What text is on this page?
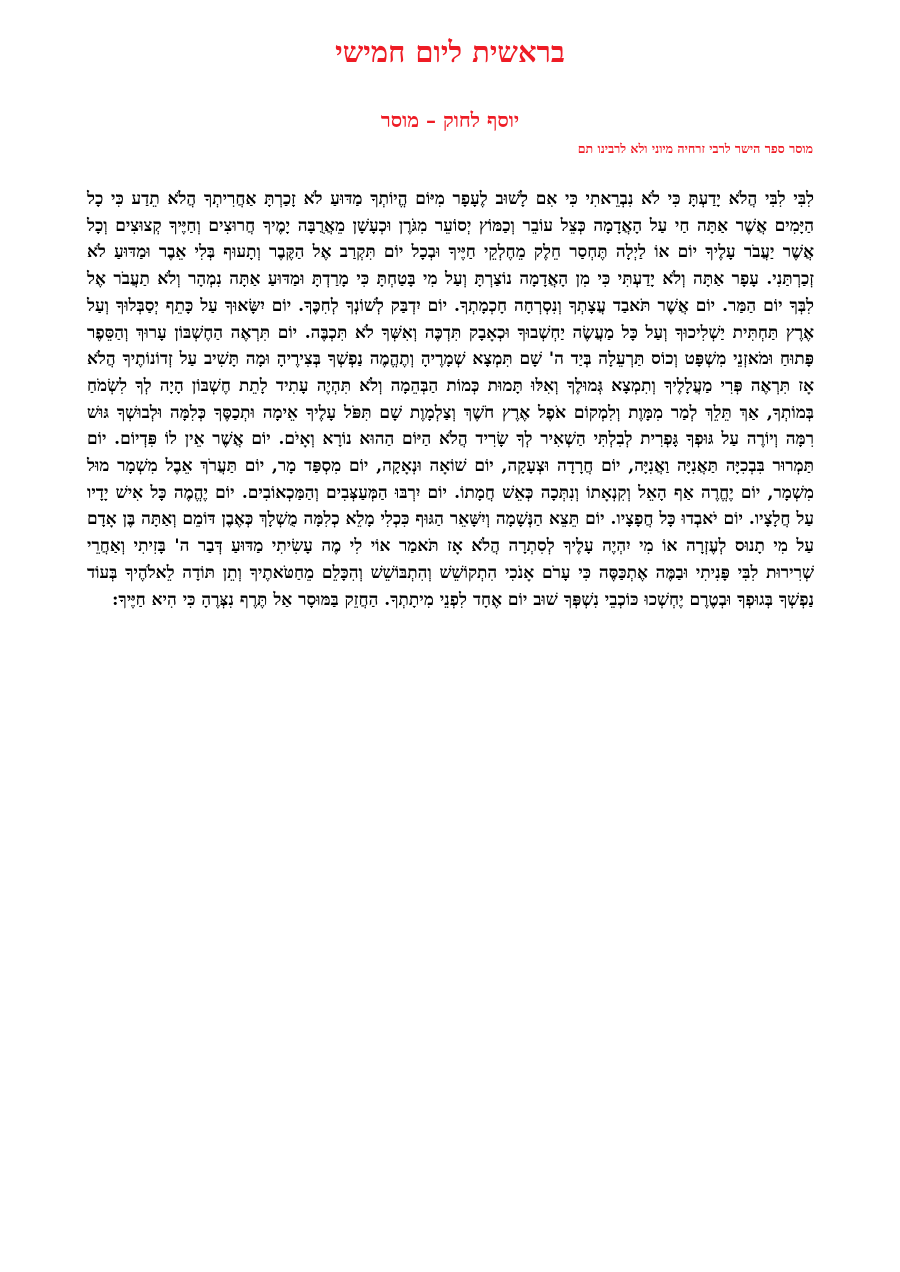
בראשית ליום חמישי
יוסף לחוק – מוסר

מוסר ספר הישר לרבי זרחיה מיוני ולא לרבינו תם

לִבִּי לִבִּי הֲלֹא יָדַעְתָּ כִּי לֹא נִבְרֵאתִי כִּי אִם לָשׁוּב לֶעָפָר מִיּוֹם הֱיוֹתְךָ מַדּוּעַ לֹא זָכַרְתָּ אַחֲרִיתְךָ הֲלֹא תֵדַע כִּי כָל הַיָּמִים אֲשֶׁר אַתָּה חַי עַל הָאֲדָמָה כְּצֵל עוֹבֵר וְכַמּוֹץ יְסוֹעֵר מִגֹּרֶן וּכְעָשָׁן מֵאֲרֻבָּה יָמֶיךָ חֲרוּצִים וְחַיֶּיךָ קְצוּצִים וְכָל אֲשֶׁר יַעֲבֹר עָלֶיךָ יוֹם אוֹ לַיְלָה תֶּחְסַר חֵלֶק מֵחֶלְקֵי חַיֶּיךָ וּבְכָל יוֹם תִּקְרַב אֶל הַקֶּבֶר וְתָעוּף בְּלִי אֵבֶר וּמַדּוּעַ לֹא זְכַרְתַּנִי. עָפָר אַתָּה וְלֹא יָדַעְתִּי כִּי מִן הָאֲדָמָה נוֹצַרְתָּ וְעַל מִי בָּטַחְתָּ כִּי מָרַדְתָּ וּמַדּוּעַ אַתָּה נִמְהָר וְלֹא תַעֲבֹר אֶל לִבְּךָ יוֹם הַמַּר. יוֹם אֲשֶׁר תֹּאבַד עֲצָתְךָ וְנִסְרְחָה חָכְמָתְךָ. יוֹם יִדְבַּק לְשׁוֹנְךָ לְחִכֶּךָ. יוֹם יִשָּׂאוּךָ עַל כָּתֵף יְסַבְּלוּךָ וְעַל אֶרֶץ תַּחְתִּית יַשְׁלִיכוּךָ וְעַל כָּל מַעֲשֶׂה יַחְשְׁבוּךָ וּכְאָבָק תִּדְכֶּה וְאִשְּׁךָ לֹא תִּכְבֶּה. יוֹם תִּרְאֶה הַחֶשְׁבּוֹן עָרוּךְ וְהַסֵּפֶר פָּתוּחַ וּמֹאזְנֵי מִשְׁפָּט וְכוֹס תַּרְעֵלָה בְּיַד ה' שָׁם תִּמְצָא שְׁמָרֶיהָ וְתֶהֱמֶה נַפְשְׁךָ בְּצִירֶיהָ וּמָה תָּשִׁיב עַל זְדוֹנוֹתֶיךָ הֲלֹא אָז תִּרְאֶה פְּרִי מַעֲלָלֶיךָ וְתִמְצָא גְּמוּלֶךָ וְאִלּוּ תָּמוּת כְּמוֹת הַבְּהֵמָה וְלֹא תִּהְיֶה עָתִיד לָתֵת חֶשְׁבּוֹן הָיָה לְךָ לִשְׂמֹחַ בְּמוֹתְךָ, אַךְ תֵּלֵךְ לְמַר מִמָּוֶת וְלִמְקוֹם אֹפֶל אֶרֶץ חֹשֶׁךְ וְצַלְמָוֶת שָׁם תִּפֹּל עָלֶיךָ אֵימָה וּתְכַסֶּךָ כְּלִמָּה וּלְבוּשְׁךָ גּוּשׁ רִמָּה וְיוֹרֶה עַל גּוּפְךָ גָּפְרִית לְבִלְתִּי הַשְׁאִיר לְךָ שָׂרִיד הֲלֹא הַיּוֹם הַהוּא נוֹרָא וְאָיֹם. יוֹם אֲשֶׁר אֵין לוֹ פִּדְיוֹם. יוֹם תַּמְרוּר בִּבְכִיָּה תַּאֲנִיָּה וַאֲנִיָּה, יוֹם חֲרָדָה וּצְעָקָה, יוֹם שׁוֹאָה וּנְאָקָה, יוֹם מִסְפַּד מָר, יוֹם תַּעֲרֹךְ אֵבֶל מִשְׁמָר מוּל מִשְׁמָר, יוֹם יֶחֱרֶה אַף הָאֵל וְקִנְאָתוֹ וְנִתְּכָה כְּאֵשׁ חֲמָתוֹ. יוֹם יִרְבּוּ הַמְּעַצְּבִים וְהַמַּכְאוֹבִים. יוֹם יֶהֱמֶה כָּל אִישׁ יָדָיו עַל חֲלָצָיו. יוֹם יֹאבְדוּ כָּל חֲפָצָיו. יוֹם תֵּצֵא הַנְּשָׁמָה וְיִשָּׁאֵר הַגּוּף כִּכְלִי מָלֵא כְלִמָּה מֻשְׁלָךְ כְּאֶבֶן דּוֹמֵם וְאַתָּה בֶּן אָדָם עַל מִי תָנוּס לְעֶזְרָה אוֹ מִי יִהְיֶה עָלֶיךָ לְסִתְרָה הֲלֹא אָז תֹּאמַר אוֹי לִי מֶה עָשִׂיתִי מַדּוּעַ דְּבַר ה' בָּזִיתִי וְאַחֲרֵי שְׁרִירוּת לִבִּי פָּנִיתִי וּבַמֶּה אֶתְכַּסֶּה כִּי עָרֹם אָנֹכִי הִתְקוֹשֵׁשׁ וְהִתְבּוֹשֵׁשׁ וְהִכָּלֵם מֵחַטֹּאתֶיךָ וְתֵן תּוֹדָה לֵאלֹהֶיךָ בְּעוֹד נַפְשְׁךָ בְּגוּפְךָ וּבְטֶרֶם יֶחְשְׁכוּ כּוֹכְבֵי נִשְׁפְּךָ שׁוּב יוֹם אֶחָד לִפְנֵי מִיתָתְךָ. הַחֲזֵק בַּמּוּסָר אַל תֶּרֶף נִצְּרֶהָ כִּי הִיא חַיֶּיךָ:
